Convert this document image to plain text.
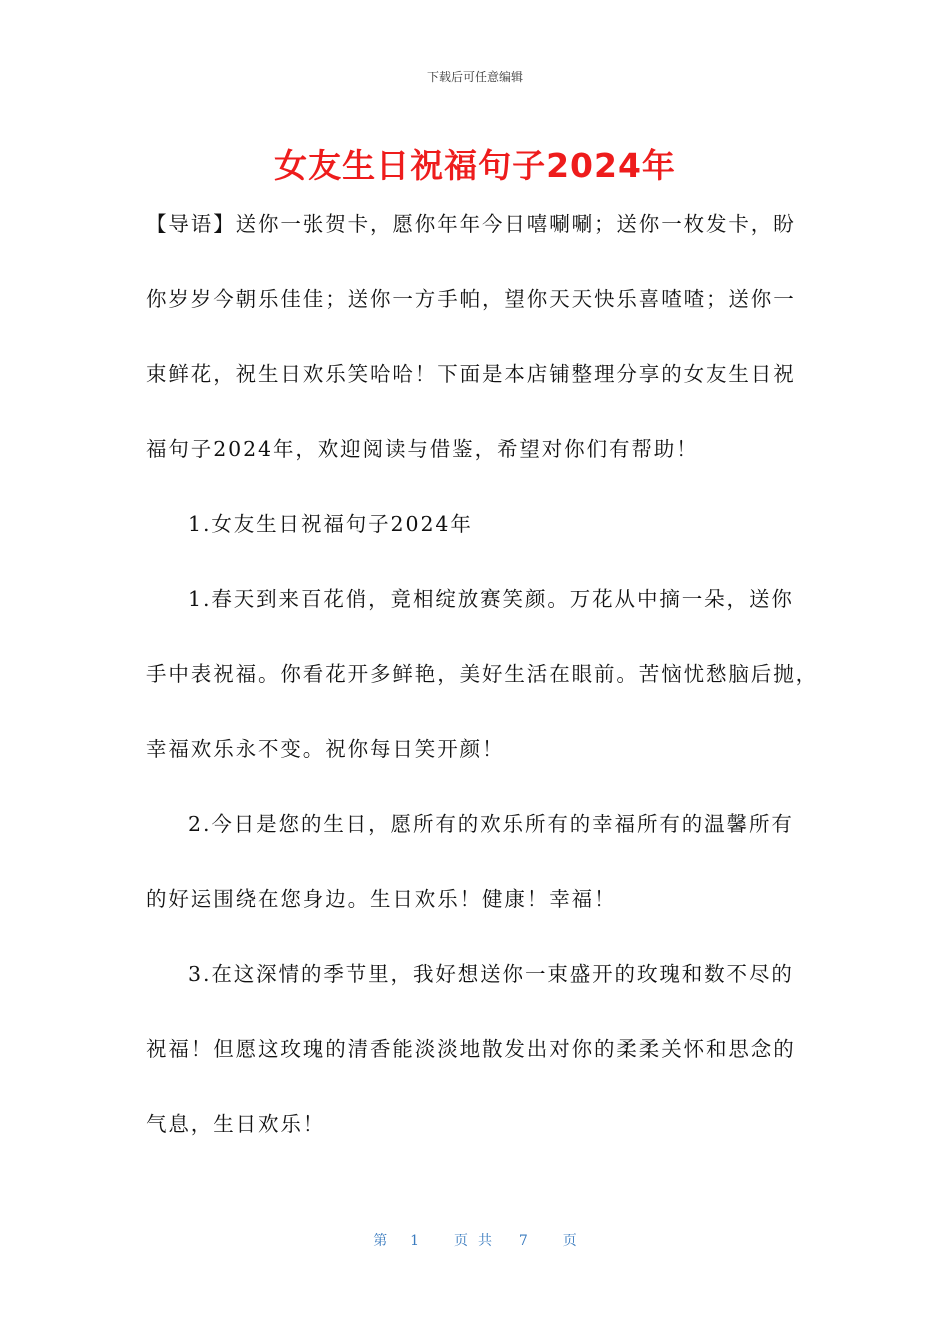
下载后可任意编辑
女友生日祝福句子2024年
【导语】送你一张贺卡，愿你年年今日嘻唰唰；送你一枚发卡，盼
你岁岁今朝乐佳佳；送你一方手帕，望你天天快乐喜喳喳；送你一
束鲜花，祝生日欢乐笑哈哈！下面是本店铺整理分享的女友生日祝
福句子2024年，欢迎阅读与借鉴，希望对你们有帮助！
1.女友生日祝福句子2024年
1.春天到来百花俏，竟相绽放赛笑颜。万花从中摘一朵，送你
手中表祝福。你看花开多鲜艳，美好生活在眼前。苦恼忧愁脑后抛，
幸福欢乐永不变。祝你每日笑开颜！
2.今日是您的生日，愿所有的欢乐所有的幸福所有的温馨所有
的好运围绕在您身边。生日欢乐！健康！幸福！
3.在这深情的季节里，我好想送你一束盛开的玫瑰和数不尽的
祝福！但愿这玫瑰的清香能淡淡地散发出对你的柔柔关怀和思念的
气息，生日欢乐！
第 1 页共 7 页
